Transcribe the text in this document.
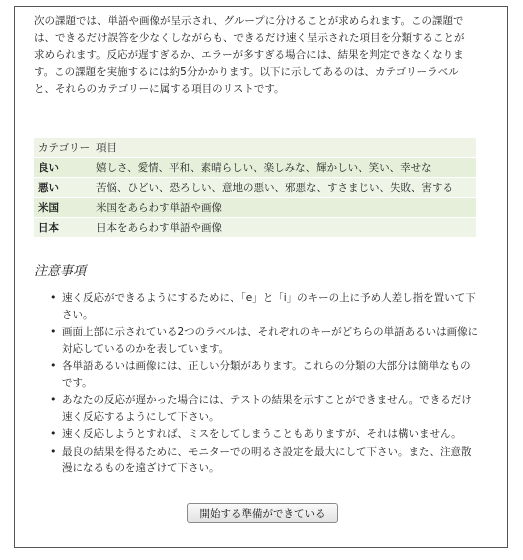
次の課題では、単語や画像が呈示され、グループに分けることが求められます。この課題では、できるだけ誤答を少なくしながらも、できるだけ速く呈示された項目を分類することが求められます。反応が遅すぎるか、エラーが多すぎる場合には、結果を判定できなくなります。この課題を実施するには約5分かかります。以下に示してあるのは、カテゴリーラベルと、それらのカテゴリーに属する項目のリストです。
カテゴリー	項目
良い	嬉しさ、愛情、平和、素晴らしい、楽しみな、輝かしい、笑い、幸せな
悪い	苦悩、ひどい、恐ろしい、意地の悪い、邪悪な、すさまじい、失敗、害する
米国	米国をあらわす単語や画像
日本	日本をあらわす単語や画像
注意事項
• 速く反応ができるようにするために、「e」と「i」のキーの上に予め人差し指を置いて下さい。
• 画面上部に示されている2つのラベルは、それぞれのキーがどちらの単語あるいは画像に対応しているのかを表しています。
• 各単語あるいは画像には、正しい分類があります。これらの分類の大部分は簡単なものです。
• あなたの反応が遅かった場合には、テストの結果を示すことができません。できるだけ速く反応するようにして下さい。
• 速く反応しようとすれば、ミスをしてしまうこともありますが、それは構いません。
• 最良の結果を得るために、モニターでの明るさ設定を最大にして下さい。また、注意散漫になるものを遠ざけて下さい。
開始する準備ができている
